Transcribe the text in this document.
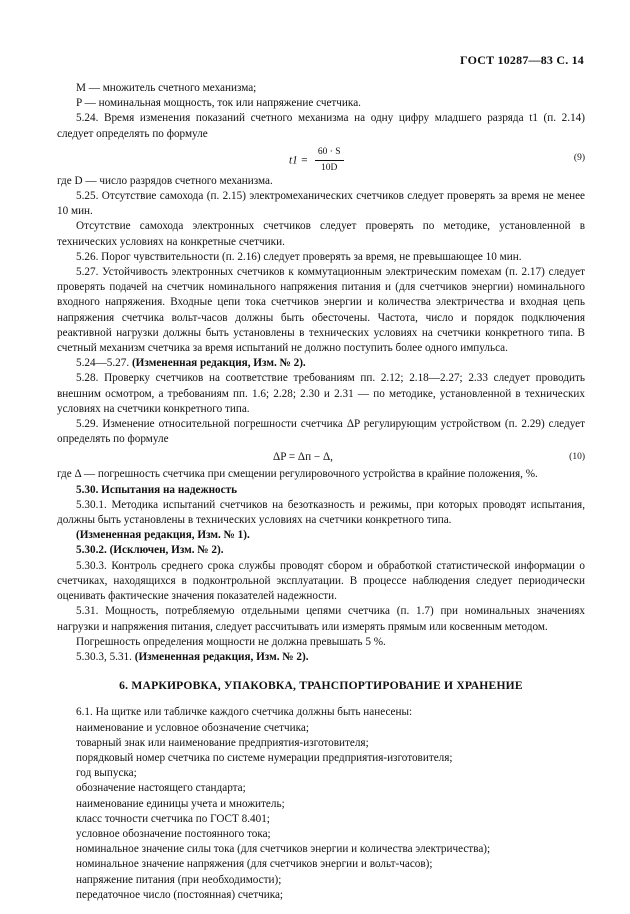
ГОСТ 10287—83 С. 14

M — множитель счетного механизма;

P — номинальная мощность, ток или напряжение счетчика.

5.24. Время изменения показаний счетного механизма на одну цифру младшего разряда t1 (п. 2.14) следует определять по формуле

$t1 = \frac{60 \cdot S}{10D}$	(9)

где D — число разрядов счетного механизма.

5.25. Отсутствие самохода (п. 2.15) электромеханических счетчиков следует проверять за время не менее 10 мин.

Отсутствие самохода электронных счетчиков следует проверять по методике, установленной в технических условиях на конкретные счетчики.

5.26. Порог чувствительности (п. 2.16) следует проверять за время, не превышающее 10 мин.

5.27. Устойчивость электронных счетчиков к коммутационным электрическим помехам (п. 2.17) следует проверять подачей на счетчик номинального напряжения питания и (для счетчиков энергии) номинального входного напряжения. Входные цепи тока счетчиков энергии и количества электричества и входная цепь напряжения счетчика вольт-часов должны быть обесточены. Частота, число и порядок подключения реактивной нагрузки должны быть установлены в технических условиях на счетчики конкретного типа. В счетный механизм счетчика за время испытаний не должно поступить более одного импульса.

5.24—5.27. (Измененная редакция, Изм. № 2).

5.28. Проверку счетчиков на соответствие требованиям пп. 2.12; 2.18—2.27; 2.33 следует проводить внешним осмотром, а требованиям пп. 1.6; 2.28; 2.30 и 2.31 — по методике, установленной в технических условиях на счетчики конкретного типа.

5.29. Изменение относительной погрешности счетчика ΔP регулирующим устройством (п. 2.29) следует определять по формуле

ΔP = Δп − Δ,	(10)

где Δ — погрешность счетчика при смещении регулировочного устройства в крайние положения, %.

5.30. Испытания на надежность

5.30.1. Методика испытаний счетчиков на безотказность и режимы, при которых проводят испытания, должны быть установлены в технических условиях на счетчики конкретного типа.

(Измененная редакция, Изм. № 1).

5.30.2. (Исключен, Изм. № 2).

5.30.3. Контроль среднего срока службы проводят сбором и обработкой статистической информации о счетчиках, находящихся в подконтрольной эксплуатации. В процессе наблюдения следует периодически оценивать фактические значения показателей надежности.

5.31. Мощность, потребляемую отдельными цепями счетчика (п. 1.7) при номинальных значениях нагрузки и напряжения питания, следует рассчитывать или измерять прямым или косвенным методом.

Погрешность определения мощности не должна превышать 5 %.

5.30.3, 5.31. (Измененная редакция, Изм. № 2).

6. МАРКИРОВКА, УПАКОВКА, ТРАНСПОРТИРОВАНИЕ И ХРАНЕНИЕ

6.1. На щитке или табличке каждого счетчика должны быть нанесены:

наименование и условное обозначение счетчика;

товарный знак или наименование предприятия-изготовителя;

порядковый номер счетчика по системе нумерации предприятия-изготовителя;

год выпуска;

обозначение настоящего стандарта;

наименование единицы учета и множитель;

класс точности счетчика по ГОСТ 8.401;

условное обозначение постоянного тока;

номинальное значение силы тока (для счетчиков энергии и количества электричества);

номинальное значение напряжения (для счетчиков энергии и вольт-часов);

напряжение питания (при необходимости);

передаточное число (постоянная) счетчика;
